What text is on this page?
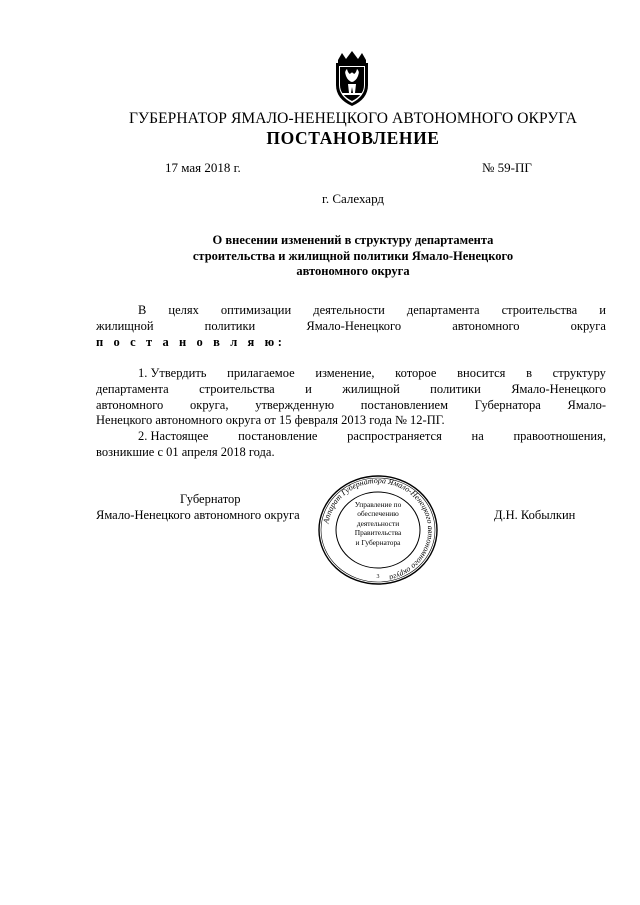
ГУБЕРНАТОР ЯМАЛО-НЕНЕЦКОГО АВТОНОМНОГО ОКРУГА
ПОСТАНОВЛЕНИЕ
17 мая 2018 г.	№ 59-ПГ
г. Салехард
О внесении изменений в структуру департамента
строительства и жилищной политики Ямало-Ненецкого
автономного округа
В целях оптимизации деятельности департамента строительства и
жилищной	политики	Ямало-Ненецкого	автономного	округа
п о с т а н о в л я ю:
1. Утвердить прилагаемое изменение, которое вносится в структуру
департамента строительства и жилищной политики Ямало-Ненецкого
автономного округа, утвержденную постановлением Губернатора Ямало-
Ненецкого автономного округа от 15 февраля 2013 года № 12-ПГ.
2. Настоящее постановление распространяется на правоотношения,
возникшие с 01 апреля 2018 года.
Губернатор
Ямало-Ненецкого автономного округа	Д.Н. Кобылкин
Аппарат Губернатора Ямало-Ненецкого автономного округа
3
Управление по
обеспечению
деятельности
Правительства
и Губернатора
